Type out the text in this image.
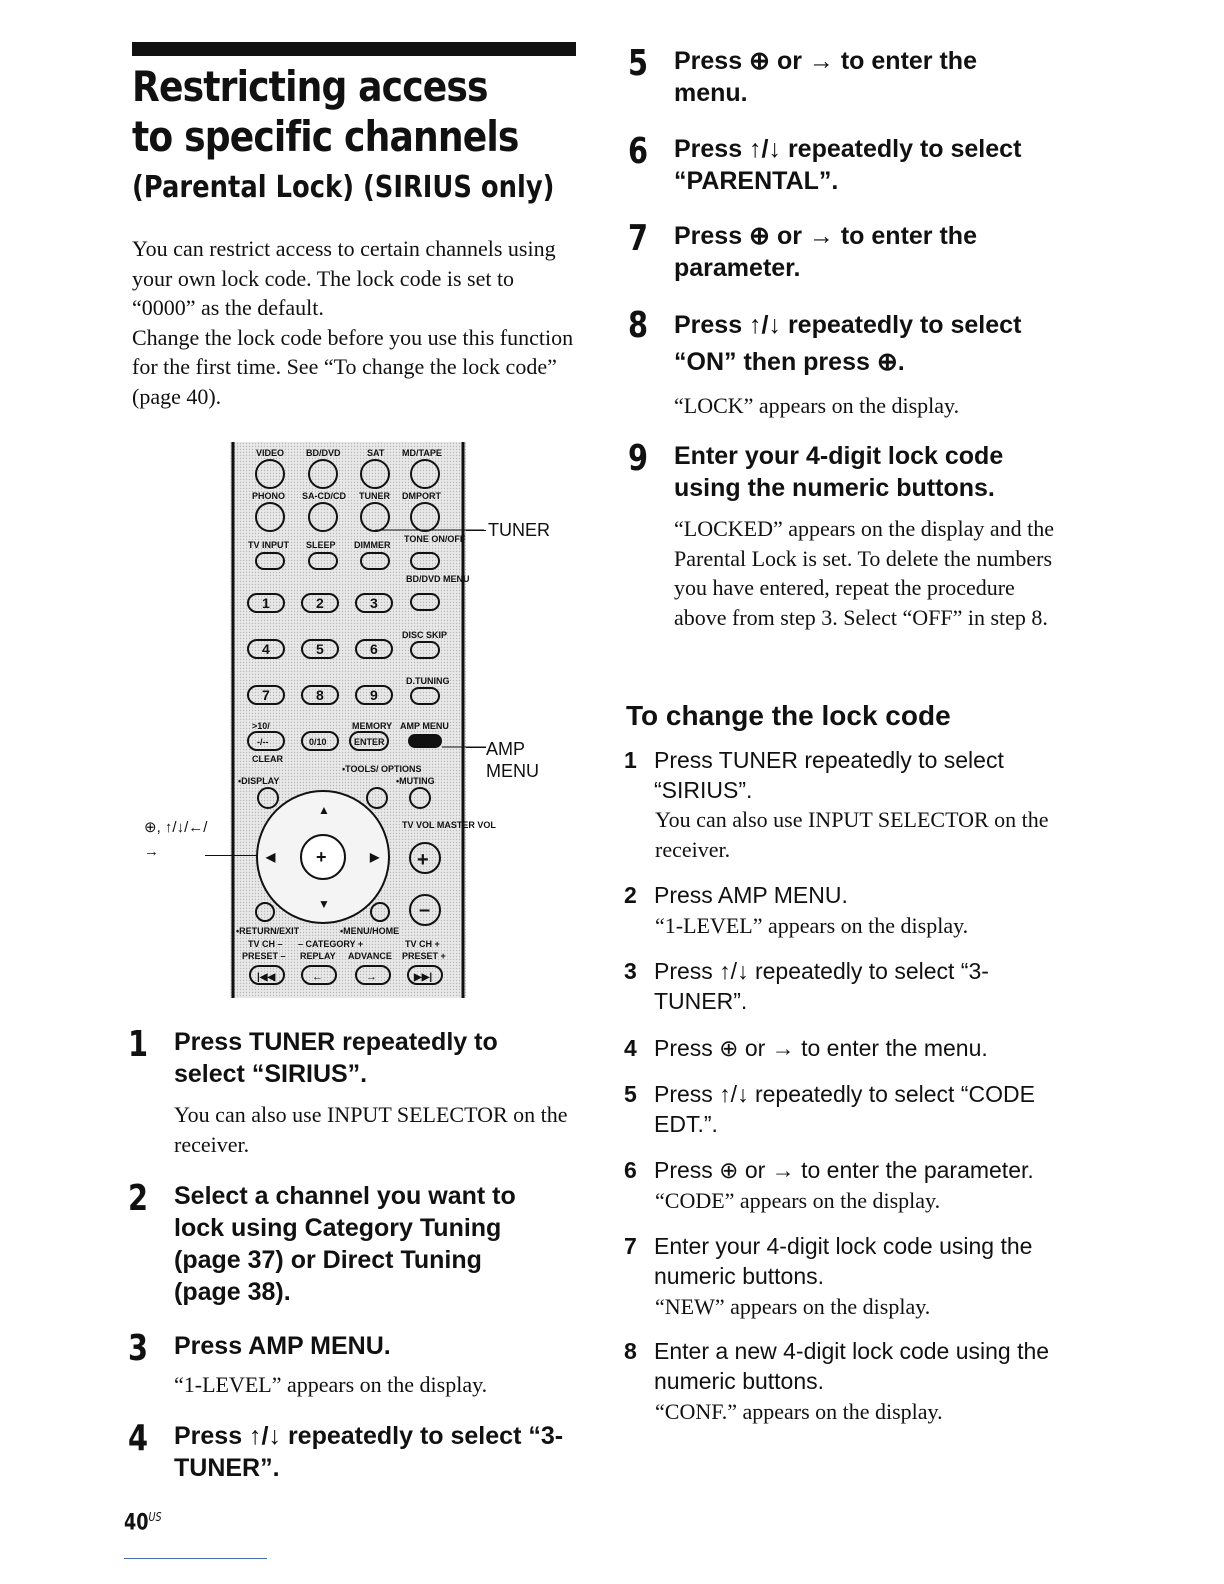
Restricting access to specific channels
(Parental Lock) (SIRIUS only)

You can restrict access to certain channels using your own lock code. The lock code is set to “0000” as the default.

Change the lock code before you use this function for the first time. See “To change the lock code” (page 40).

VIDEO BD/DVD	SAT MD/TAPE
PHONO SA-CD/CD TUNER DMPORT
TV INPUT SLEEP DIMMER
TONE ON/OFF
BD/DVD MENU
1	2	3
DISC SKIP
4	5	6
D.TUNING
7	8	9
>10/	MEMORY AMP MENU
-/--	0/10	ENTER
CLEAR
•TOOLS/ OPTIONS
•DISPLAY	•MUTING
+
▲
▼
◀	▶
TV VOL MASTER VOL
+
–
•RETURN/EXIT	•MENU/HOME
TV CH – – CATEGORY +	TV CH +
PRESET – REPLAY ADVANCE PRESET +
|◀◀	←	→	▶▶|
TUNER
AMP MENU
⊕, ↑/↓/←/→
1 Press TUNER repeatedly to select “SIRIUS”.
You can also use INPUT SELECTOR on the receiver.
2 Select a channel you want to lock using Category Tuning (page 37) or Direct Tuning (page 38).
3 Press AMP MENU.
“1-LEVEL” appears on the display.
4 Press ↑/↓ repeatedly to select “3-TUNER”.
5 Press ⊕ or → to enter the menu.
6 Press ↑/↓ repeatedly to select “PARENTAL”.
7 Press ⊕ or → to enter the parameter.
8 Press ↑/↓ repeatedly to select “ON” then press ⊕.
“LOCK” appears on the display.
9 Enter your 4-digit lock code using the numeric buttons.
“LOCKED” appears on the display and the Parental Lock is set. To delete the numbers you have entered, repeat the procedure above from step 3. Select “OFF” in step 8.
To change the lock code
1 Press TUNER repeatedly to select “SIRIUS”.
You can also use INPUT SELECTOR on the receiver.
2 Press AMP MENU.
“1-LEVEL” appears on the display.
3 Press ↑/↓ repeatedly to select “3-TUNER”.
4 Press ⊕ or → to enter the menu.
5 Press ↑/↓ repeatedly to select “CODE EDT.”.
6 Press ⊕ or → to enter the parameter.
“CODE” appears on the display.
7 Enter your 4-digit lock code using the numeric buttons.
“NEW” appears on the display.
8 Enter a new 4-digit lock code using the numeric buttons.
“CONF.” appears on the display.
$40^{US}$
